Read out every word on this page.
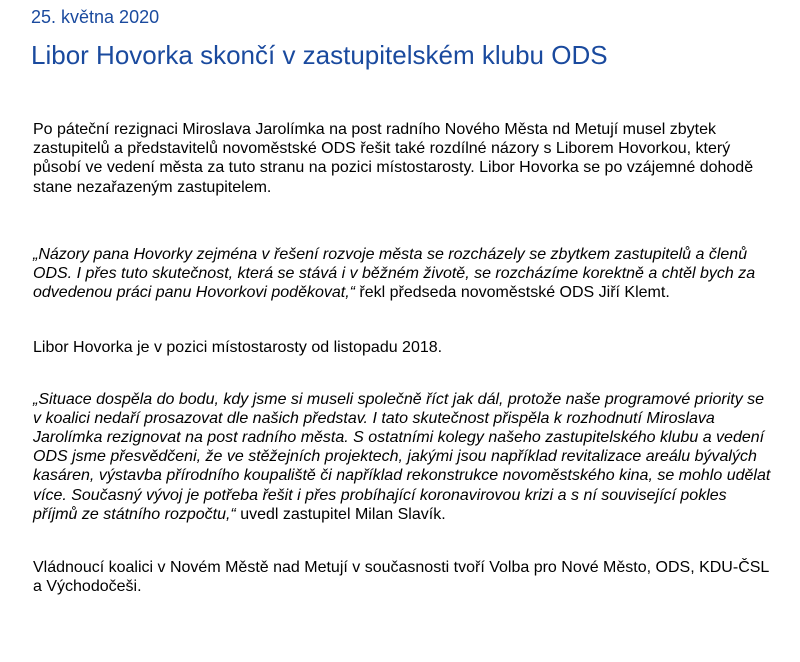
25. května 2020
Libor Hovorka skončí v zastupitelském klubu ODS

Po páteční rezignaci Miroslava Jarolímka na post radního Nového Města nd Metují musel zbytek zastupitelů a představitelů novoměstské ODS řešit také rozdílné názory s Liborem Hovorkou, který působí ve vedení města za tuto stranu na pozici místostarosty. Libor Hovorka se po vzájemné dohodě stane nezařazeným zastupitelem.

„Názory pana Hovorky zejména v řešení rozvoje města se rozcházely se zbytkem zastupitelů a členů ODS. I přes tuto skutečnost, která se stává i v běžném životě, se rozcházíme korektně a chtěl bych za odvedenou práci panu Hovorkovi poděkovat,“ řekl předseda novoměstské ODS Jiří Klemt.

Libor Hovorka je v pozici místostarosty od listopadu 2018.

„Situace dospěla do bodu, kdy jsme si museli společně říct jak dál, protože naše programové priority se v koalici nedaří prosazovat dle našich představ. I tato skutečnost přispěla k rozhodnutí Miroslava Jarolímka rezignovat na post radního města. S ostatními kolegy našeho zastupitelského klubu a vedení ODS jsme přesvědčeni, že ve stěžejních projektech, jakými jsou například revitalizace areálu bývalých kasáren, výstavba přírodního koupaliště či například rekonstrukce novoměstského kina, se mohlo udělat více. Současný vývoj je potřeba řešit i přes probíhající koronavirovou krizi a s ní související pokles příjmů ze státního rozpočtu,“ uvedl zastupitel Milan Slavík.

Vládnoucí koalici v Novém Městě nad Metují v současnosti tvoří Volba pro Nové Město, ODS, KDU-ČSL a Východočeši.
